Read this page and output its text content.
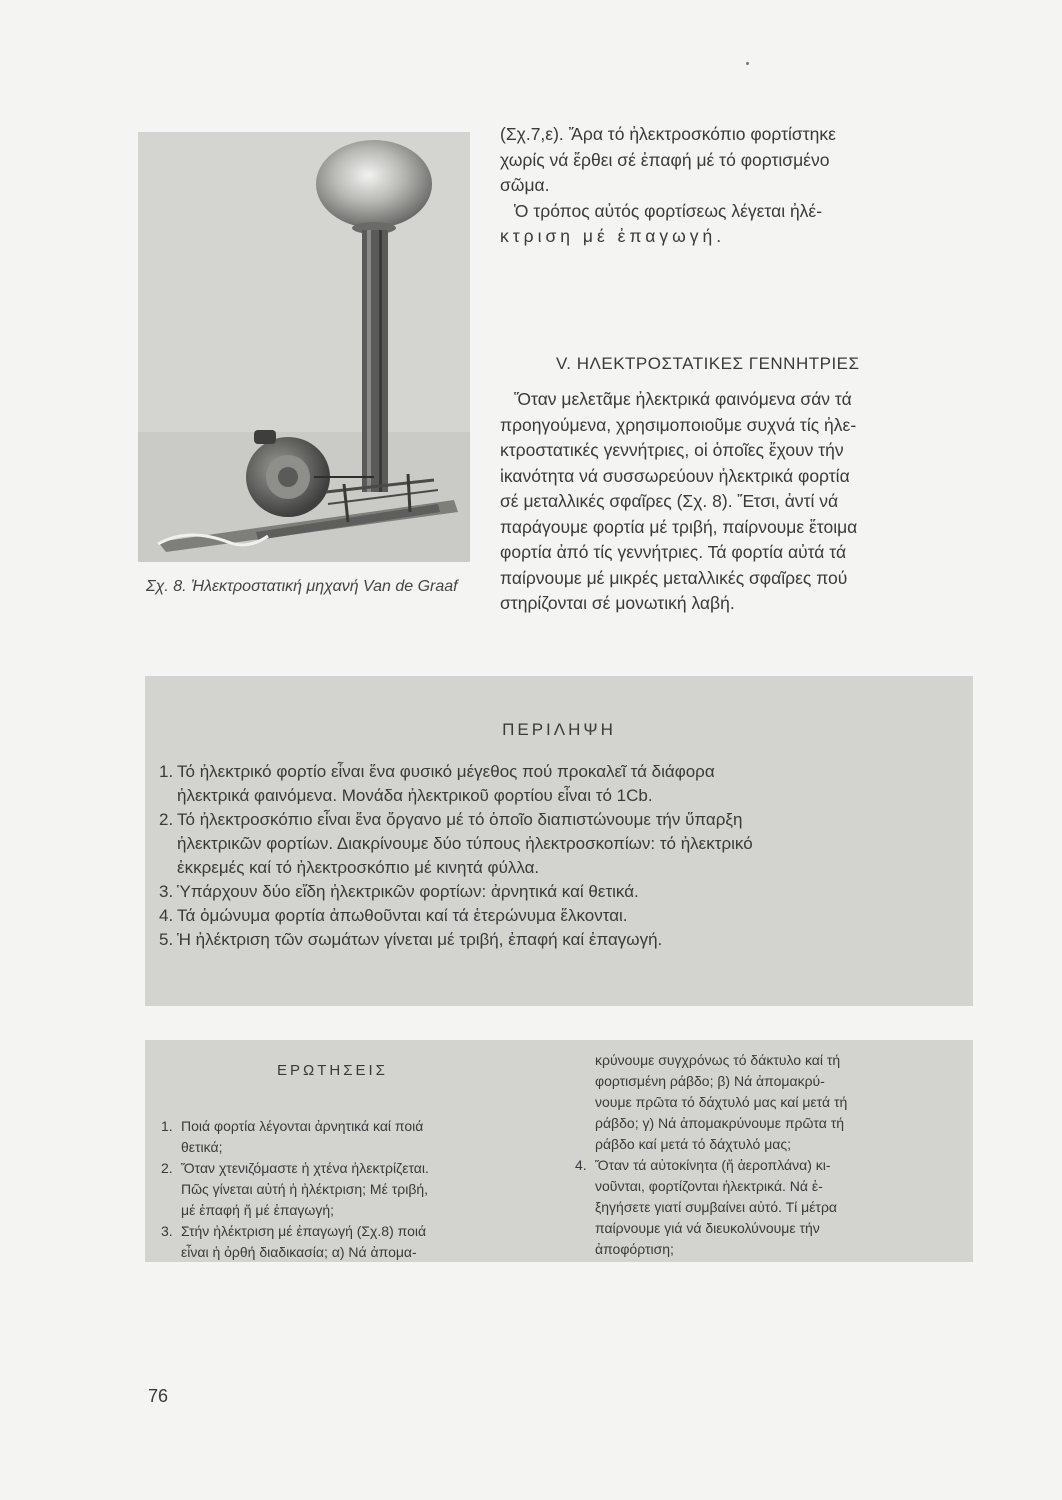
Σχ. 8. Ἠλεκτροστατική μηχανή Van de Graaf

(Σχ.7,ε). Ἄρα τό ἠλεκτροσκόπιο φορτίστηκε

χωρίς νά ἔρθει σέ ἐπαφή μέ τό φορτισμένο

σῶμα.

Ὁ τρόπος αὐτός φορτίσεως λέγεται ἠλέ-

κτριση μέ ἐπαγωγή.

V. ΗΛΕΚΤΡΟΣΤΑΤΙΚΕΣ ΓΕΝΝΗΤΡΙΕΣ

Ὅταν μελετᾶμε ἠλεκτρικά φαινόμενα σάν τά

προηγούμενα, χρησιμοποιοῦμε συχνά τίς ἠλε-

κτροστατικές γεννήτριες, οἱ ὁποῖες ἔχουν τήν

ἱκανότητα νά συσσωρεύουν ἠλεκτρικά φορτία

σέ μεταλλικές σφαῖρες (Σχ. 8). Ἔτσι, ἀντί νά

παράγουμε φορτία μέ τριβή, παίρνουμε ἕτοιμα

φορτία ἀπό τίς γεννήτριες. Τά φορτία αὐτά τά

παίρνουμε μέ μικρές μεταλλικές σφαῖρες πού

στηρίζονται σέ μονωτική λαβή.

ΠΕΡΙΛΗΨΗ
1. Τό ἠλεκτρικό φορτίο εἶναι ἕνα φυσικό μέγεθος πού προκαλεῖ τά διάφορα
ἠλεκτρικά φαινόμενα. Μονάδα ἠλεκτρικοῦ φορτίου εἶναι τό 1Cb.
2. Τό ἠλεκτροσκόπιο εἶναι ἕνα ὄργανο μέ τό ὁποῖο διαπιστώνουμε τήν ὕπαρξη
ἠλεκτρικῶν φορτίων. Διακρίνουμε δύο τύπους ἠλεκτροσκοπίων: τό ἠλεκτρικό
ἐκκρεμές καί τό ἠλεκτροσκόπιο μέ κινητά φύλλα.
3. Ὑπάρχουν δύο εἴδη ἠλεκτρικῶν φορτίων: ἀρνητικά καί θετικά.
4. Τά ὁμώνυμα φορτία ἀπωθοῦνται καί τά ἑτερώνυμα ἕλκονται.
5. Ἡ ἠλέκτριση τῶν σωμάτων γίνεται μέ τριβή, ἐπαφή καί ἐπαγωγή.
ΕΡΩΤΗΣΕΙΣ
1. Ποιά φορτία λέγονται ἀρνητικά καί ποιά
θετικά;
2. Ὅταν χτενιζόμαστε ἡ χτένα ἠλεκτρίζεται.
Πῶς γίνεται αὐτή ἡ ἠλέκτριση; Μέ τριβή,
μέ ἐπαφή ἤ μέ ἐπαγωγή;
3. Στήν ἠλέκτριση μέ ἐπαγωγή (Σχ.8) ποιά
εἶναι ἡ ὀρθή διαδικασία; α) Νά ἀπομα-
κρύνουμε συγχρόνως τό δάκτυλο καί τή
φορτισμένη ράβδο; β) Νά ἀπομακρύ-
νουμε πρῶτα τό δάχτυλό μας καί μετά τή
ράβδο; γ) Νά ἀπομακρύνουμε πρῶτα τή
ράβδο καί μετά τό δάχτυλό μας;
4. Ὅταν τά αὐτοκίνητα (ἤ ἀεροπλάνα) κι-
νοῦνται, φορτίζονται ἠλεκτρικά. Νά ἐ-
ξηγήσετε γιατί συμβαίνει αὐτό. Τί μέτρα
παίρνουμε γιά νά διευκολύνουμε τήν
ἀποφόρτιση;
76
